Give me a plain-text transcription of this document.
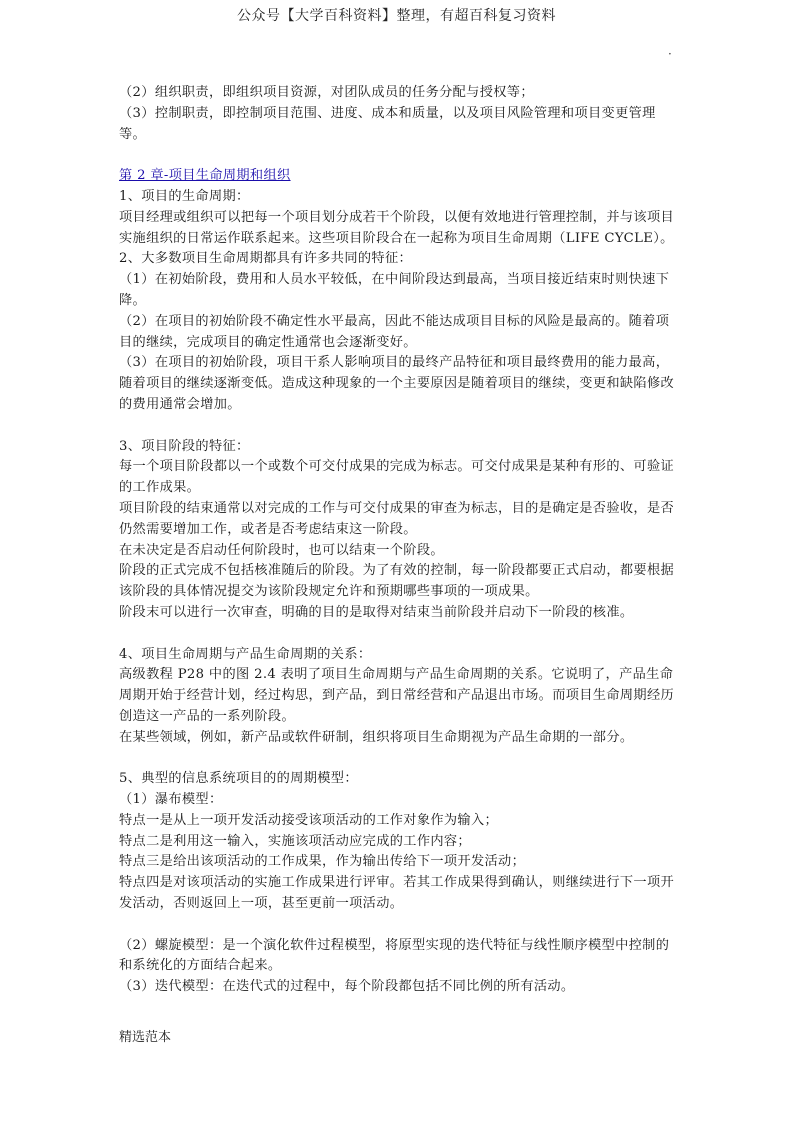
公众号【大学百科资料】整理，有超百科复习资料
·

（2）组织职责，即组织项目资源，对团队成员的任务分配与授权等；

（3）控制职责，即控制项目范围、进度、成本和质量，以及项目风险管理和项目变更管理等。

第 2 章-项目生命周期和组织

1、项目的生命周期：

项目经理或组织可以把每一个项目划分成若干个阶段，以便有效地进行管理控制，并与该项目实施组织的日常运作联系起来。这些项目阶段合在一起称为项目生命周期（LIFE CYCLE）。

2、大多数项目生命周期都具有许多共同的特征：

（1）在初始阶段，费用和人员水平较低，在中间阶段达到最高，当项目接近结束时则快速下降。

（2）在项目的初始阶段不确定性水平最高，因此不能达成项目目标的风险是最高的。随着项目的继续，完成项目的确定性通常也会逐渐变好。

（3）在项目的初始阶段，项目干系人影响项目的最终产品特征和项目最终费用的能力最高，随着项目的继续逐渐变低。造成这种现象的一个主要原因是随着项目的继续，变更和缺陷修改的费用通常会增加。

3、项目阶段的特征：

每一个项目阶段都以一个或数个可交付成果的完成为标志。可交付成果是某种有形的、可验证的工作成果。

项目阶段的结束通常以对完成的工作与可交付成果的审查为标志，目的是确定是否验收，是否仍然需要增加工作，或者是否考虑结束这一阶段。

在未决定是否启动任何阶段时，也可以结束一个阶段。

阶段的正式完成不包括核准随后的阶段。为了有效的控制，每一阶段都要正式启动，都要根据该阶段的具体情况提交为该阶段规定允许和预期哪些事项的一项成果。

阶段末可以进行一次审查，明确的目的是取得对结束当前阶段并启动下一阶段的核准。

4、项目生命周期与产品生命周期的关系：

高级教程 P28 中的图 2.4 表明了项目生命周期与产品生命周期的关系。它说明了，产品生命周期开始于经营计划，经过构思，到产品，到日常经营和产品退出市场。而项目生命周期经历创造这一产品的一系列阶段。

在某些领域，例如，新产品或软件研制，组织将项目生命期视为产品生命期的一部分。

5、典型的信息系统项目的的周期模型：

（1）瀑布模型：

特点一是从上一项开发活动接受该项活动的工作对象作为输入；

特点二是利用这一输入，实施该项活动应完成的工作内容；

特点三是给出该项活动的工作成果，作为输出传给下一项开发活动；

特点四是对该项活动的实施工作成果进行评审。若其工作成果得到确认，则继续进行下一项开发活动，否则返回上一项，甚至更前一项活动。

（2）螺旋模型：是一个演化软件过程模型，将原型实现的迭代特征与线性顺序模型中控制的和系统化的方面结合起来。

（3）迭代模型：在迭代式的过程中，每个阶段都包括不同比例的所有活动。

精选范本
